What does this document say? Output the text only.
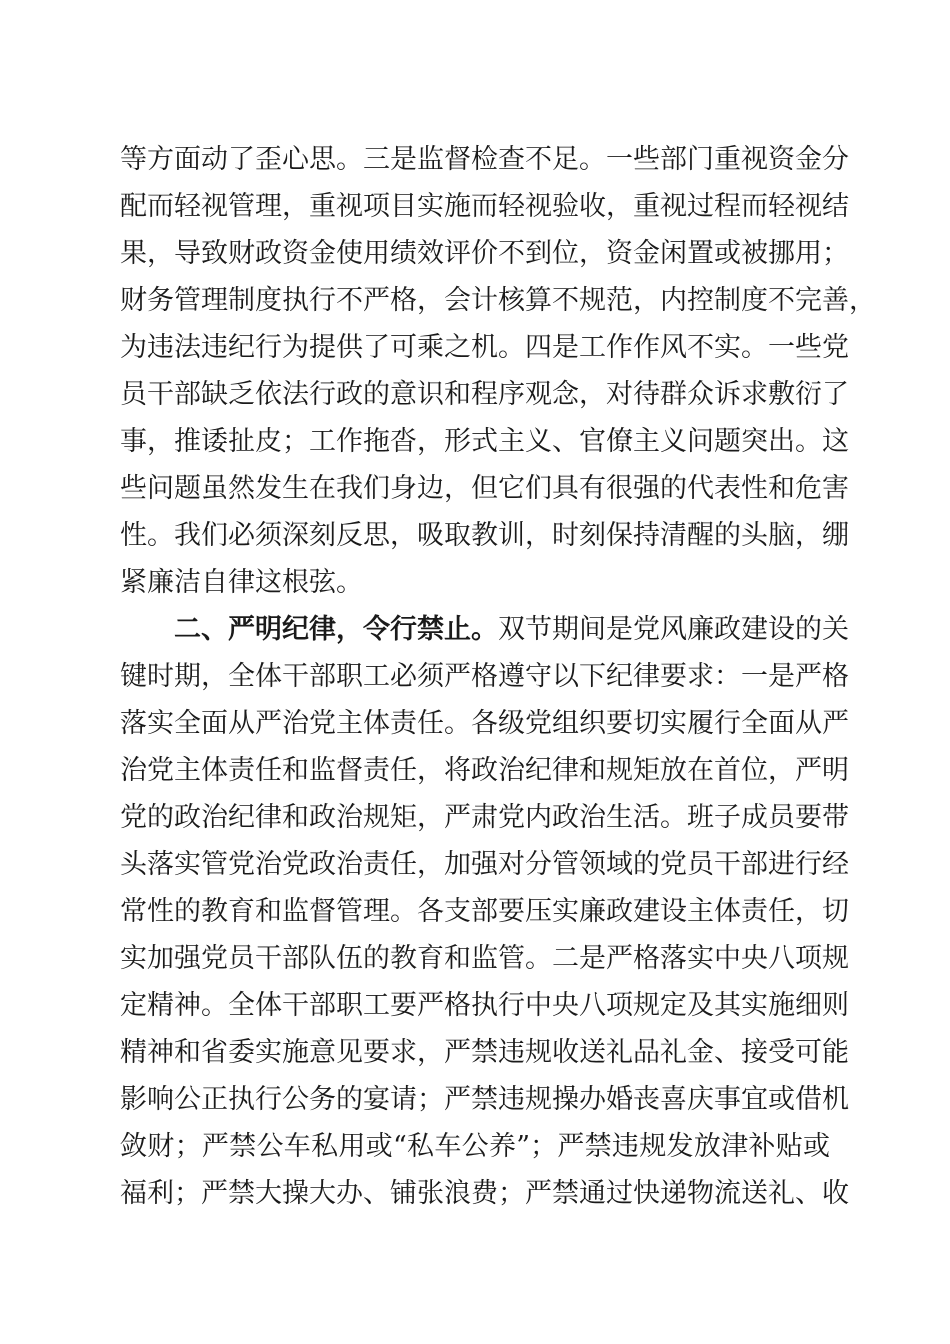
等方面动了歪心思。三是监督检查不足。一些部门重视资金分
配而轻视管理，重视项目实施而轻视验收，重视过程而轻视结
果，导致财政资金使用绩效评价不到位，资金闲置或被挪用；
财务管理制度执行不严格，会计核算不规范，内控制度不完善，
为违法违纪行为提供了可乘之机。四是工作作风不实。一些党
员干部缺乏依法行政的意识和程序观念，对待群众诉求敷衍了
事，推诿扯皮；工作拖沓，形式主义、官僚主义问题突出。这
些问题虽然发生在我们身边，但它们具有很强的代表性和危害
性。我们必须深刻反思，吸取教训，时刻保持清醒的头脑，绷
紧廉洁自律这根弦。
二、严明纪律，令行禁止。双节期间是党风廉政建设的关
键时期，全体干部职工必须严格遵守以下纪律要求：一是严格
落实全面从严治党主体责任。各级党组织要切实履行全面从严
治党主体责任和监督责任，将政治纪律和规矩放在首位，严明
党的政治纪律和政治规矩，严肃党内政治生活。班子成员要带
头落实管党治党政治责任，加强对分管领域的党员干部进行经
常性的教育和监督管理。各支部要压实廉政建设主体责任，切
实加强党员干部队伍的教育和监管。二是严格落实中央八项规
定精神。全体干部职工要严格执行中央八项规定及其实施细则
精神和省委实施意见要求，严禁违规收送礼品礼金、接受可能
影响公正执行公务的宴请；严禁违规操办婚丧喜庆事宜或借机
敛财；严禁公车私用或“私车公养”；严禁违规发放津补贴或
福利；严禁大操大办、铺张浪费；严禁通过快递物流送礼、收
